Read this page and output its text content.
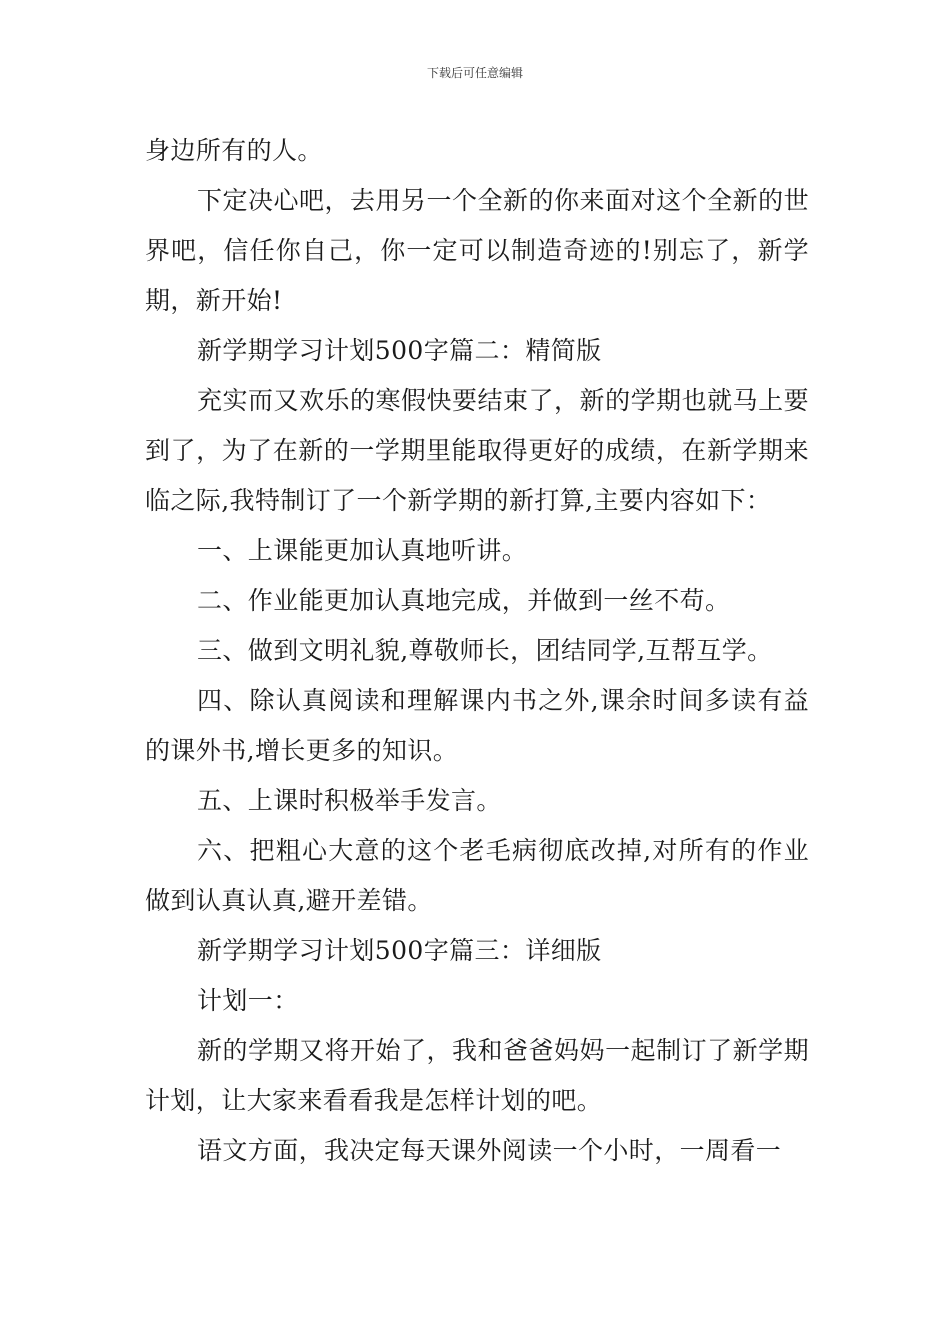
下载后可任意编辑

身边所有的人。

下定决心吧，去用另一个全新的你来面对这个全新的世界吧，信任你自己，你一定可以制造奇迹的!别忘了，新学期，新开始!

新学期学习计划500字篇二：精简版

充实而又欢乐的寒假快要结束了，新的学期也就马上要到了，为了在新的一学期里能取得更好的成绩，在新学期来临之际,我特制订了一个新学期的新打算,主要内容如下：

一、上课能更加认真地听讲。

二、作业能更加认真地完成，并做到一丝不苟。

三、做到文明礼貌,尊敬师长，团结同学,互帮互学。

四、除认真阅读和理解课内书之外,课余时间多读有益的课外书,增长更多的知识。

五、上课时积极举手发言。

六、把粗心大意的这个老毛病彻底改掉,对所有的作业做到认真认真,避开差错。

新学期学习计划500字篇三：详细版

计划一：

新的学期又将开始了，我和爸爸妈妈一起制订了新学期计划，让大家来看看我是怎样计划的吧。

语文方面，我决定每天课外阅读一个小时，一周看一
